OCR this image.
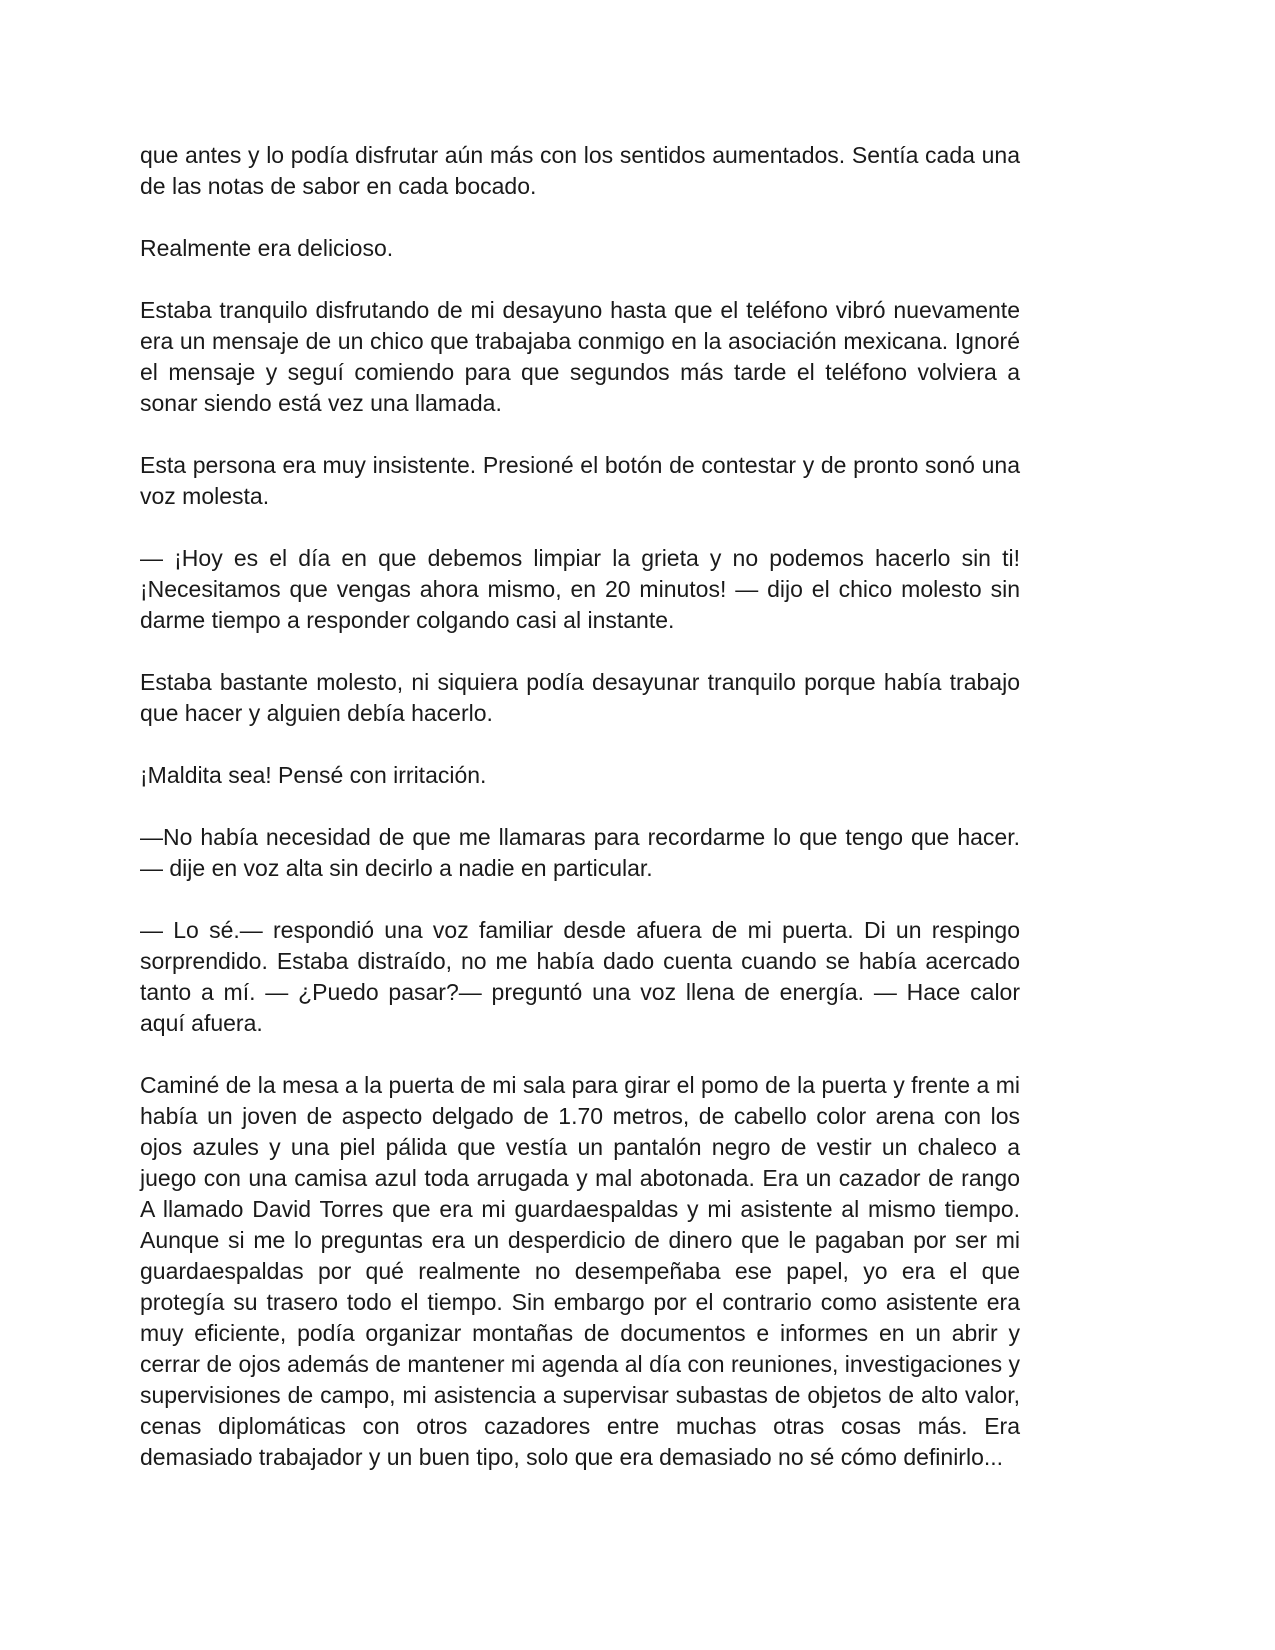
que antes y lo podía disfrutar aún más con los sentidos aumentados. Sentía cada una de las notas de sabor en cada bocado.

Realmente era delicioso.

Estaba tranquilo disfrutando de mi desayuno hasta que el teléfono vibró nuevamente era un mensaje de un chico que trabajaba conmigo en la asociación mexicana. Ignoré el mensaje y seguí comiendo para que segundos más tarde el teléfono volviera a sonar siendo está vez una llamada.

Esta persona era muy insistente. Presioné el botón de contestar y de pronto sonó una voz molesta.

— ¡Hoy es el día en que debemos limpiar la grieta y no podemos hacerlo sin ti! ¡Necesitamos que vengas ahora mismo, en 20 minutos! — dijo el chico molesto sin darme tiempo a responder colgando casi al instante.

Estaba bastante molesto, ni siquiera podía desayunar tranquilo porque había trabajo que hacer y alguien debía hacerlo.

¡Maldita sea! Pensé con irritación.

—No había necesidad de que me llamaras para recordarme lo que tengo que hacer.— dije en voz alta sin decirlo a nadie en particular.

— Lo sé.— respondió una voz familiar desde afuera de mi puerta. Di un respingo sorprendido. Estaba distraído, no me había dado cuenta cuando se había acercado tanto a mí. — ¿Puedo pasar?— preguntó una voz llena de energía. — Hace calor aquí afuera.

Caminé de la mesa a la puerta de mi sala para girar el pomo de la puerta y frente a mi había un joven de aspecto delgado de 1.70 metros, de cabello color arena con los ojos azules y una piel pálida que vestía un pantalón negro de vestir un chaleco a juego con una camisa azul toda arrugada y mal abotonada. Era un cazador de rango A llamado David Torres que era mi guardaespaldas y mi asistente al mismo tiempo. Aunque si me lo preguntas era un desperdicio de dinero que le pagaban por ser mi guardaespaldas por qué realmente no desempeñaba ese papel, yo era el que protegía su trasero todo el tiempo. Sin embargo por el contrario como asistente era muy eficiente, podía organizar montañas de documentos e informes en un abrir y cerrar de ojos además de mantener mi agenda al día con reuniones, investigaciones y supervisiones de campo, mi asistencia a supervisar subastas de objetos de alto valor, cenas diplomáticas con otros cazadores entre muchas otras cosas más. Era demasiado trabajador y un buen tipo, solo que era demasiado no sé cómo definirlo...
